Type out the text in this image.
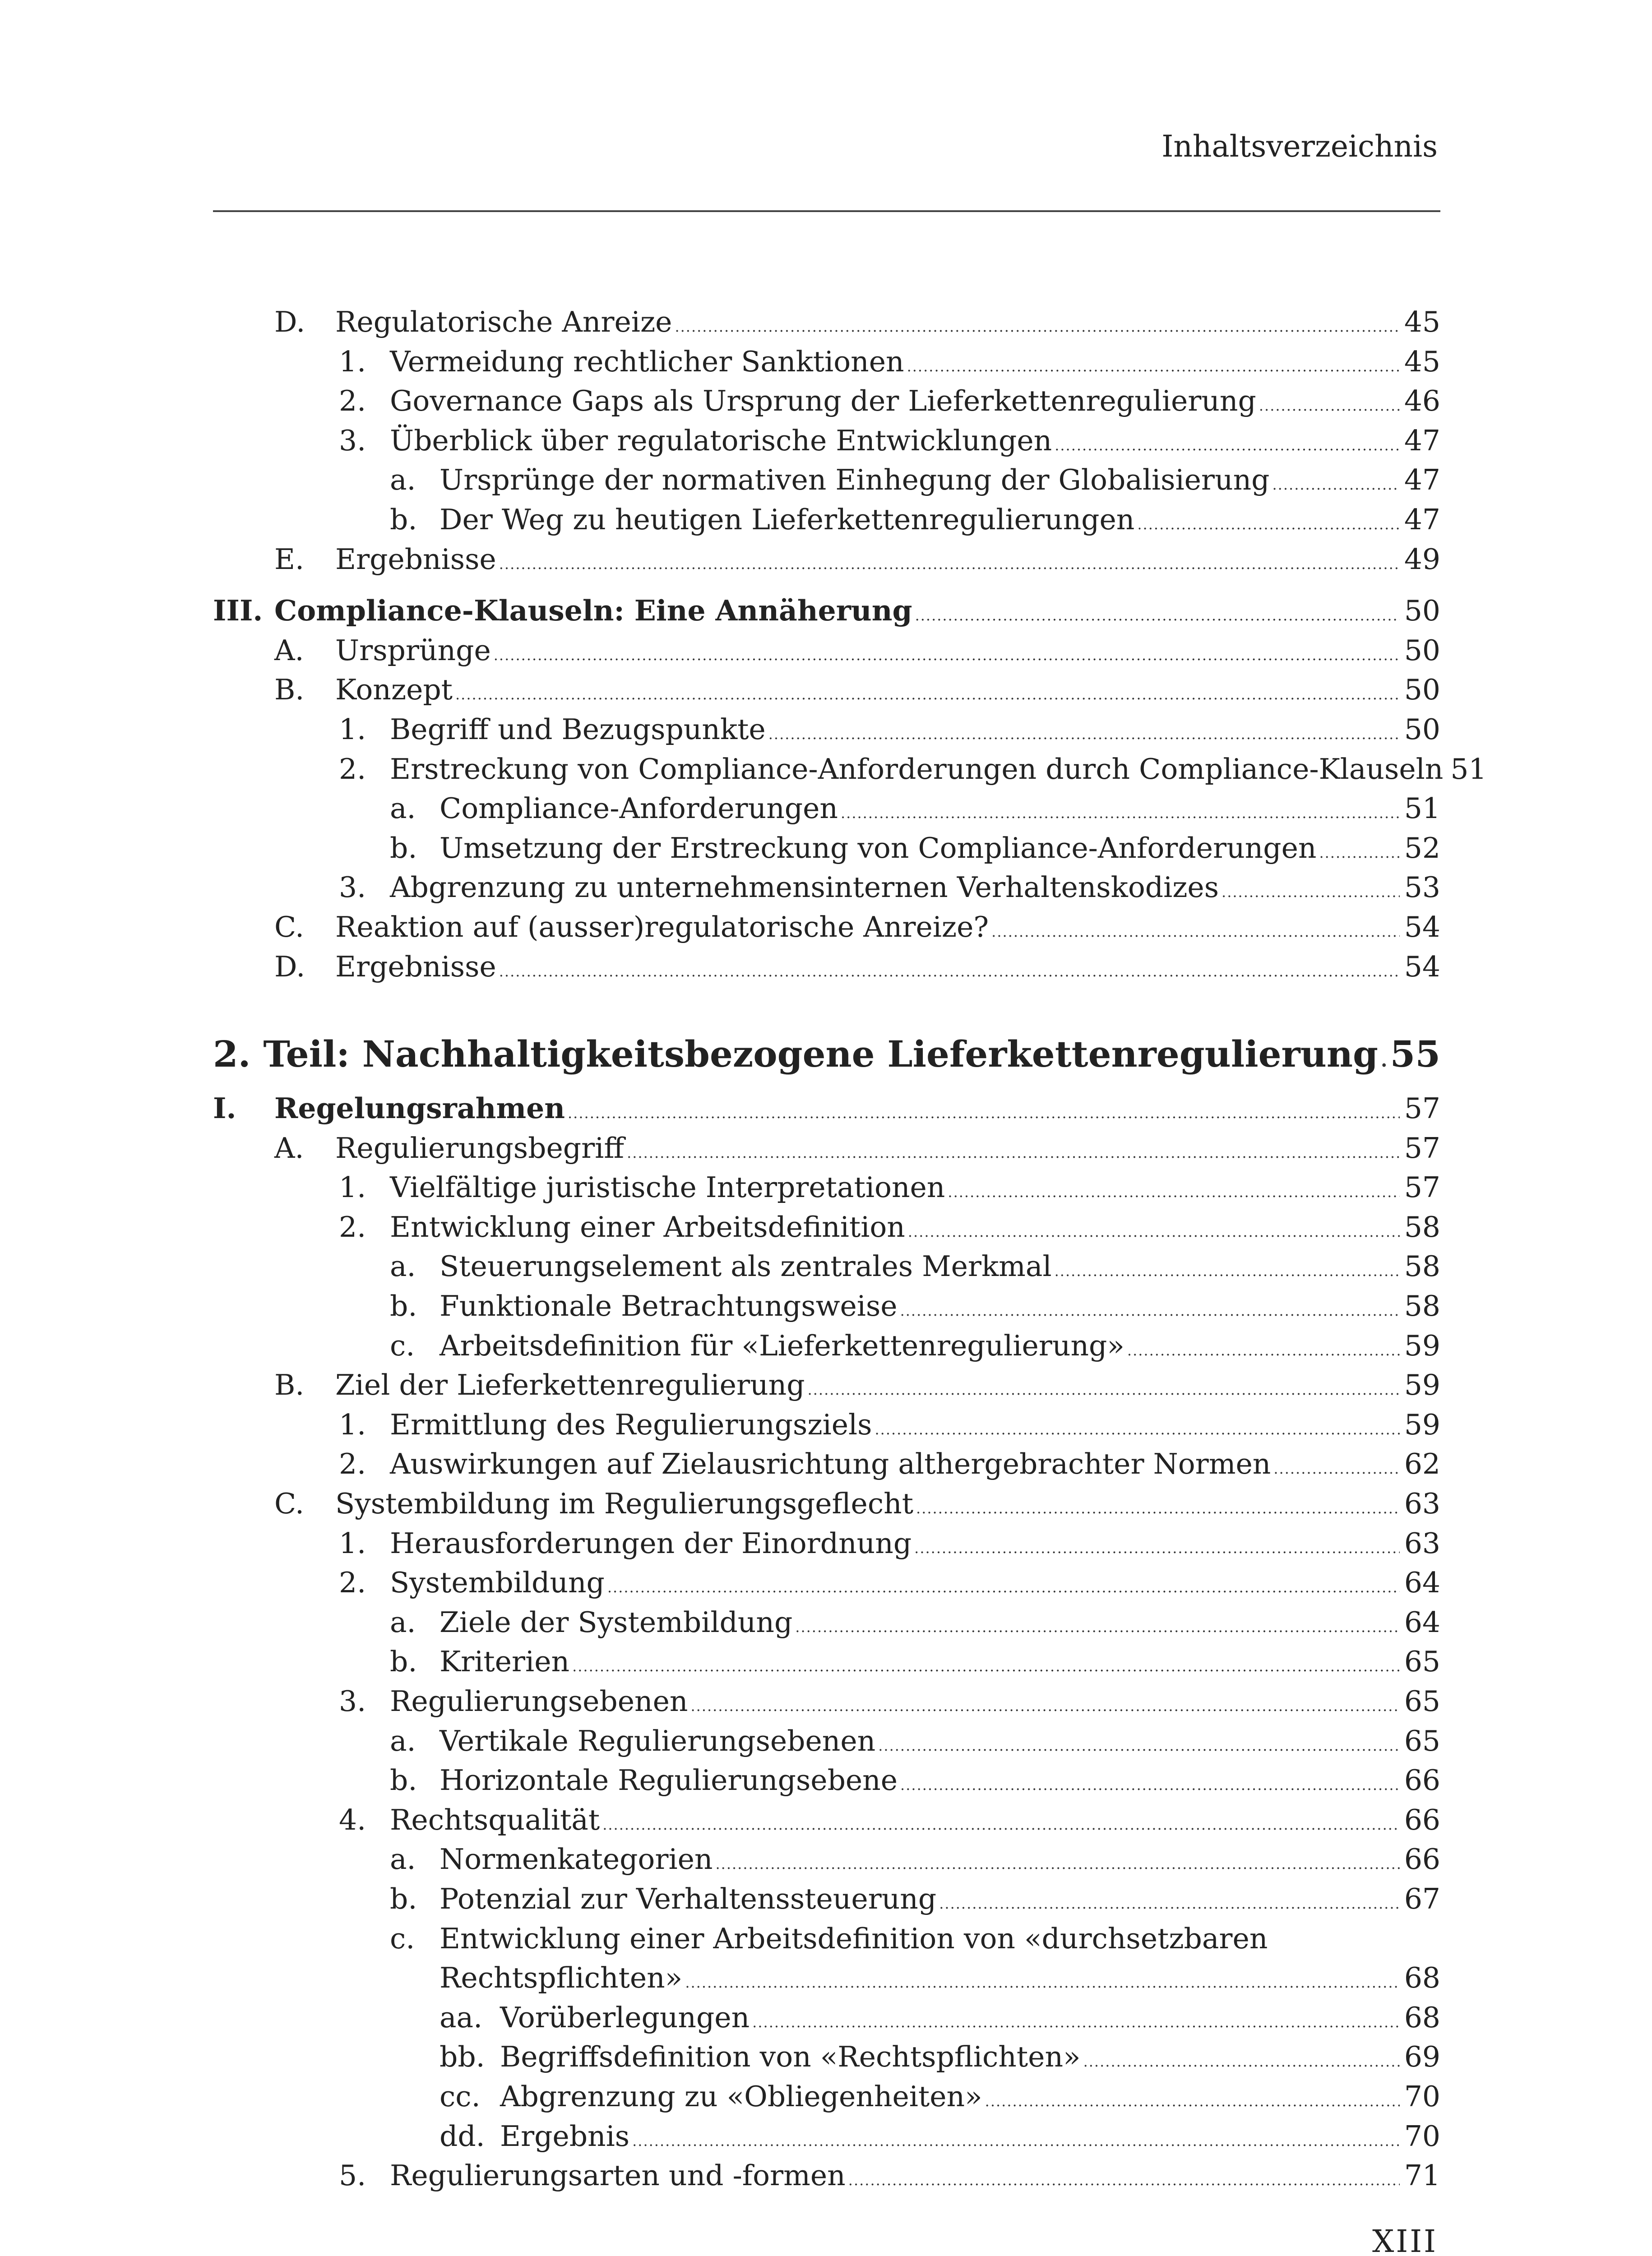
Inhaltsverzeichnis
D. Regulatorische Anreize .....	45
1. Vermeidung rechtlicher Sanktionen .....	45
2. Governance Gaps als Ursprung der Lieferkettenregulierung .....	46
3. Überblick über regulatorische Entwicklungen .....	47
a. Ursprünge der normativen Einhegung der Globalisierung .....	47
b. Der Weg zu heutigen Lieferkettenregulierungen .....	47
E. Ergebnisse .....	49
III. Compliance-Klauseln: Eine Annäherung .....	50
A. Ursprünge .....	50
B. Konzept .....	50
1. Begriff und Bezugspunkte .....	50
2. Erstreckung von Compliance-Anforderungen durch Compliance-Klauseln 51
a. Compliance-Anforderungen .....	51
b. Umsetzung der Erstreckung von Compliance-Anforderungen .....	52
3. Abgrenzung zu unternehmensinternen Verhaltenskodizes .....	53
C. Reaktion auf (ausser)regulatorische Anreize? .....	54
D. Ergebnisse .....	54
2. Teil: Nachhaltigkeitsbezogene Lieferkettenregulierung ..... 55
I. Regelungsrahmen .....	57
A. Regulierungsbegriff .....	57
1. Vielfältige juristische Interpretationen .....	57
2. Entwicklung einer Arbeitsdefinition .....	58
a. Steuerungselement als zentrales Merkmal .....	58
b. Funktionale Betrachtungsweise .....	58
c. Arbeitsdefinition für «Lieferkettenregulierung» .....	59
B. Ziel der Lieferkettenregulierung .....	59
1. Ermittlung des Regulierungsziels .....	59
2. Auswirkungen auf Zielausrichtung althergebrachter Normen .....	62
C. Systembildung im Regulierungsgeflecht .....	63
1. Herausforderungen der Einordnung .....	63
2. Systembildung .....	64
a. Ziele der Systembildung .....	64
b. Kriterien .....	65
3. Regulierungsebenen .....	65
a. Vertikale Regulierungsebenen .....	65
b. Horizontale Regulierungsebene .....	66
4. Rechtsqualität .....	66
a. Normenkategorien .....	66
b. Potenzial zur Verhaltenssteuerung .....	67
c. Entwicklung einer Arbeitsdefinition von «durchsetzbaren
Rechtspflichten» .....	68
aa. Vorüberlegungen .....	68
bb. Begriffsdefinition von «Rechtspflichten» .....	69
cc. Abgrenzung zu «Obliegenheiten» .....	70
dd. Ergebnis .....	70
5. Regulierungsarten und -formen .....	71
XIII
